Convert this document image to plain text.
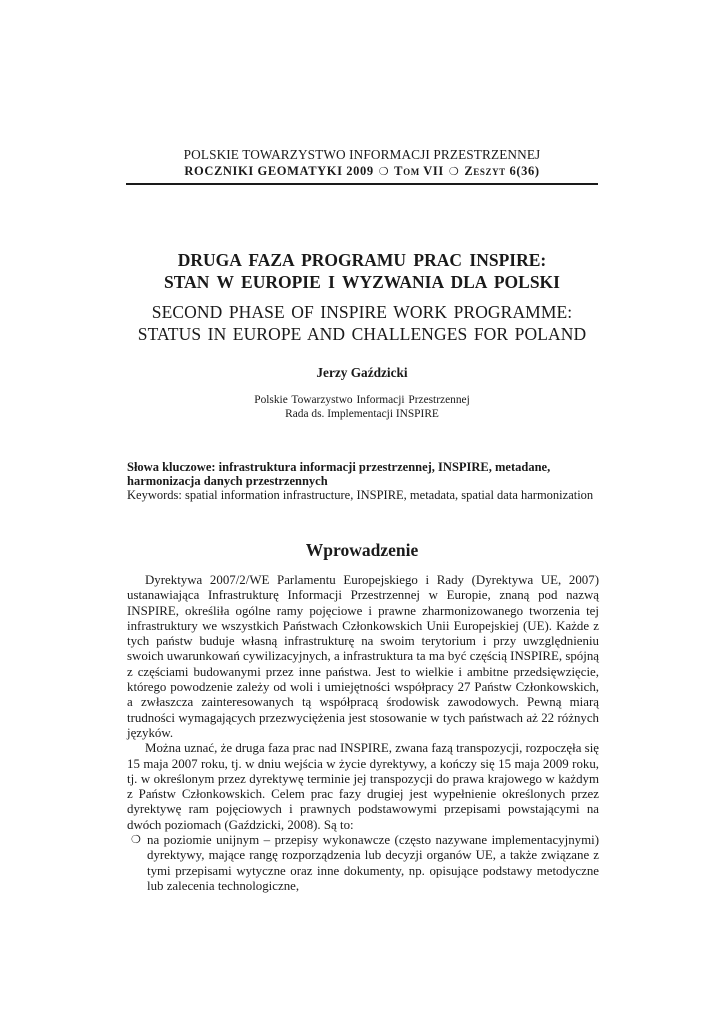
POLSKIE TOWARZYSTWO INFORMACJI PRZESTRZENNEJ
ROCZNIKI GEOMATYKI 2009 ❍ Tom VII ❍ Zeszyt 6(36)
DRUGA FAZA PROGRAMU PRAC INSPIRE:
STAN W EUROPIE I WYZWANIA DLA POLSKI
SECOND PHASE OF INSPIRE WORK PROGRAMME:
STATUS IN EUROPE AND CHALLENGES FOR POLAND
Jerzy Gaździcki
Polskie Towarzystwo Informacji Przestrzennej
Rada ds. Implementacji INSPIRE
Słowa kluczowe: infrastruktura informacji przestrzennej, INSPIRE, metadane, harmonizacja danych przestrzennych
Keywords: spatial information infrastructure, INSPIRE, metadata, spatial data harmonization
Wprowadzenie

Dyrektywa 2007/2/WE Parlamentu Europejskiego i Rady (Dyrektywa UE, 2007) ustanawiająca Infrastrukturę Informacji Przestrzennej w Europie, znaną pod nazwą INSPIRE, określiła ogólne ramy pojęciowe i prawne zharmonizowanego tworzenia tej infrastruktury we wszystkich Państwach Członkowskich Unii Europejskiej (UE). Każde z tych państw buduje własną infrastrukturę na swoim terytorium i przy uwzględnieniu swoich uwarunkowań cywilizacyjnych, a infrastruktura ta ma być częścią INSPIRE, spójną z częściami budowanymi przez inne państwa. Jest to wielkie i ambitne przedsięwzięcie, którego powodzenie zależy od woli i umiejętności współpracy 27 Państw Członkowskich, a zwłaszcza zainteresowanych tą współpracą środowisk zawodowych. Pewną miarą trudności wymagających przezwyciężenia jest stosowanie w tych państwach aż 22 różnych języków.

Można uznać, że druga faza prac nad INSPIRE, zwana fazą transpozycji, rozpoczęła się 15 maja 2007 roku, tj. w dniu wejścia w życie dyrektywy, a kończy się 15 maja 2009 roku, tj. w określonym przez dyrektywę terminie jej transpozycji do prawa krajowego w każdym z Państw Członkowskich. Celem prac fazy drugiej jest wypełnienie określonych przez dyrektywę ram pojęciowych i prawnych podstawowymi przepisami powstającymi na dwóch poziomach (Gaździcki, 2008). Są to:

❍ na poziomie unijnym – przepisy wykonawcze (często nazywane implementacyjnymi) dyrektywy, mające rangę rozporządzenia lub decyzji organów UE, a także związane z tymi przepisami wytyczne oraz inne dokumenty, np. opisujące podstawy metodyczne lub zalecenia technologiczne,
